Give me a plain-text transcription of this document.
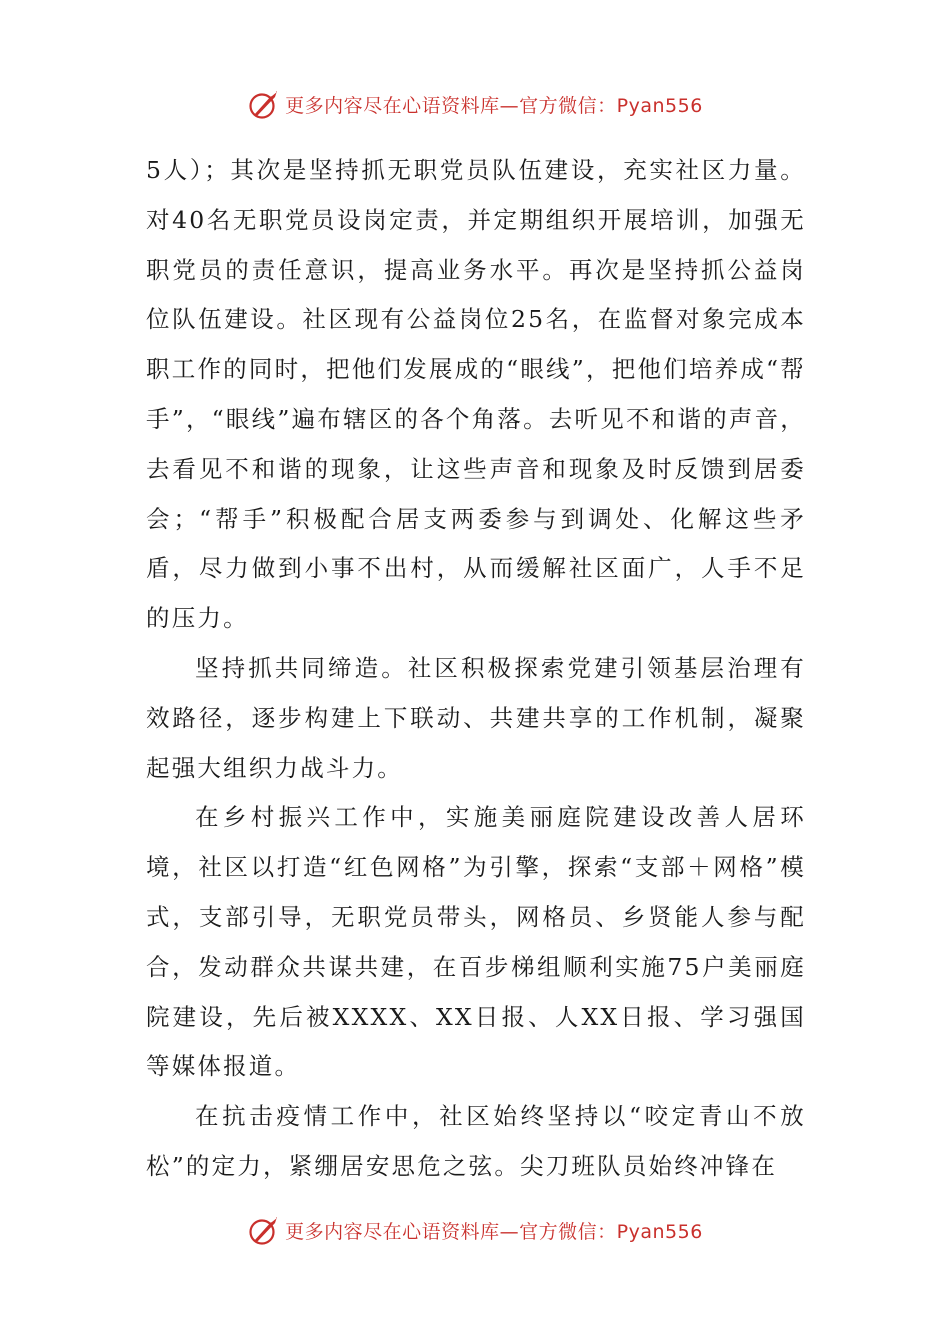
更多内容尽在心语资料库—官方微信：Pyan556

5人）；其次是坚持抓无职党员队伍建设，充实社区力量。对40名无职党员设岗定责，并定期组织开展培训，加强无职党员的责任意识，提高业务水平。再次是坚持抓公益岗位队伍建设。社区现有公益岗位25名，在监督对象完成本职工作的同时，把他们发展成的“眼线”，把他们培养成“帮手”，“眼线”遍布辖区的各个角落。去听见不和谐的声音，去看见不和谐的现象，让这些声音和现象及时反馈到居委会；“帮手”积极配合居支两委参与到调处、化解这些矛盾，尽力做到小事不出村，从而缓解社区面广，人手不足的压力。

坚持抓共同缔造。社区积极探索党建引领基层治理有效路径，逐步构建上下联动、共建共享的工作机制，凝聚起强大组织力战斗力。

在乡村振兴工作中，实施美丽庭院建设改善人居环境，社区以打造“红色网格”为引擎，探索“支部＋网格”模式，支部引导，无职党员带头，网格员、乡贤能人参与配合，发动群众共谋共建，在百步梯组顺利实施75户美丽庭院建设，先后被XXXX、XX日报、人XX日报、学习强国等媒体报道。

在抗击疫情工作中，社区始终坚持以“咬定青山不放松”的定力，紧绷居安思危之弦。尖刀班队员始终冲锋在

更多内容尽在心语资料库—官方微信：Pyan556
